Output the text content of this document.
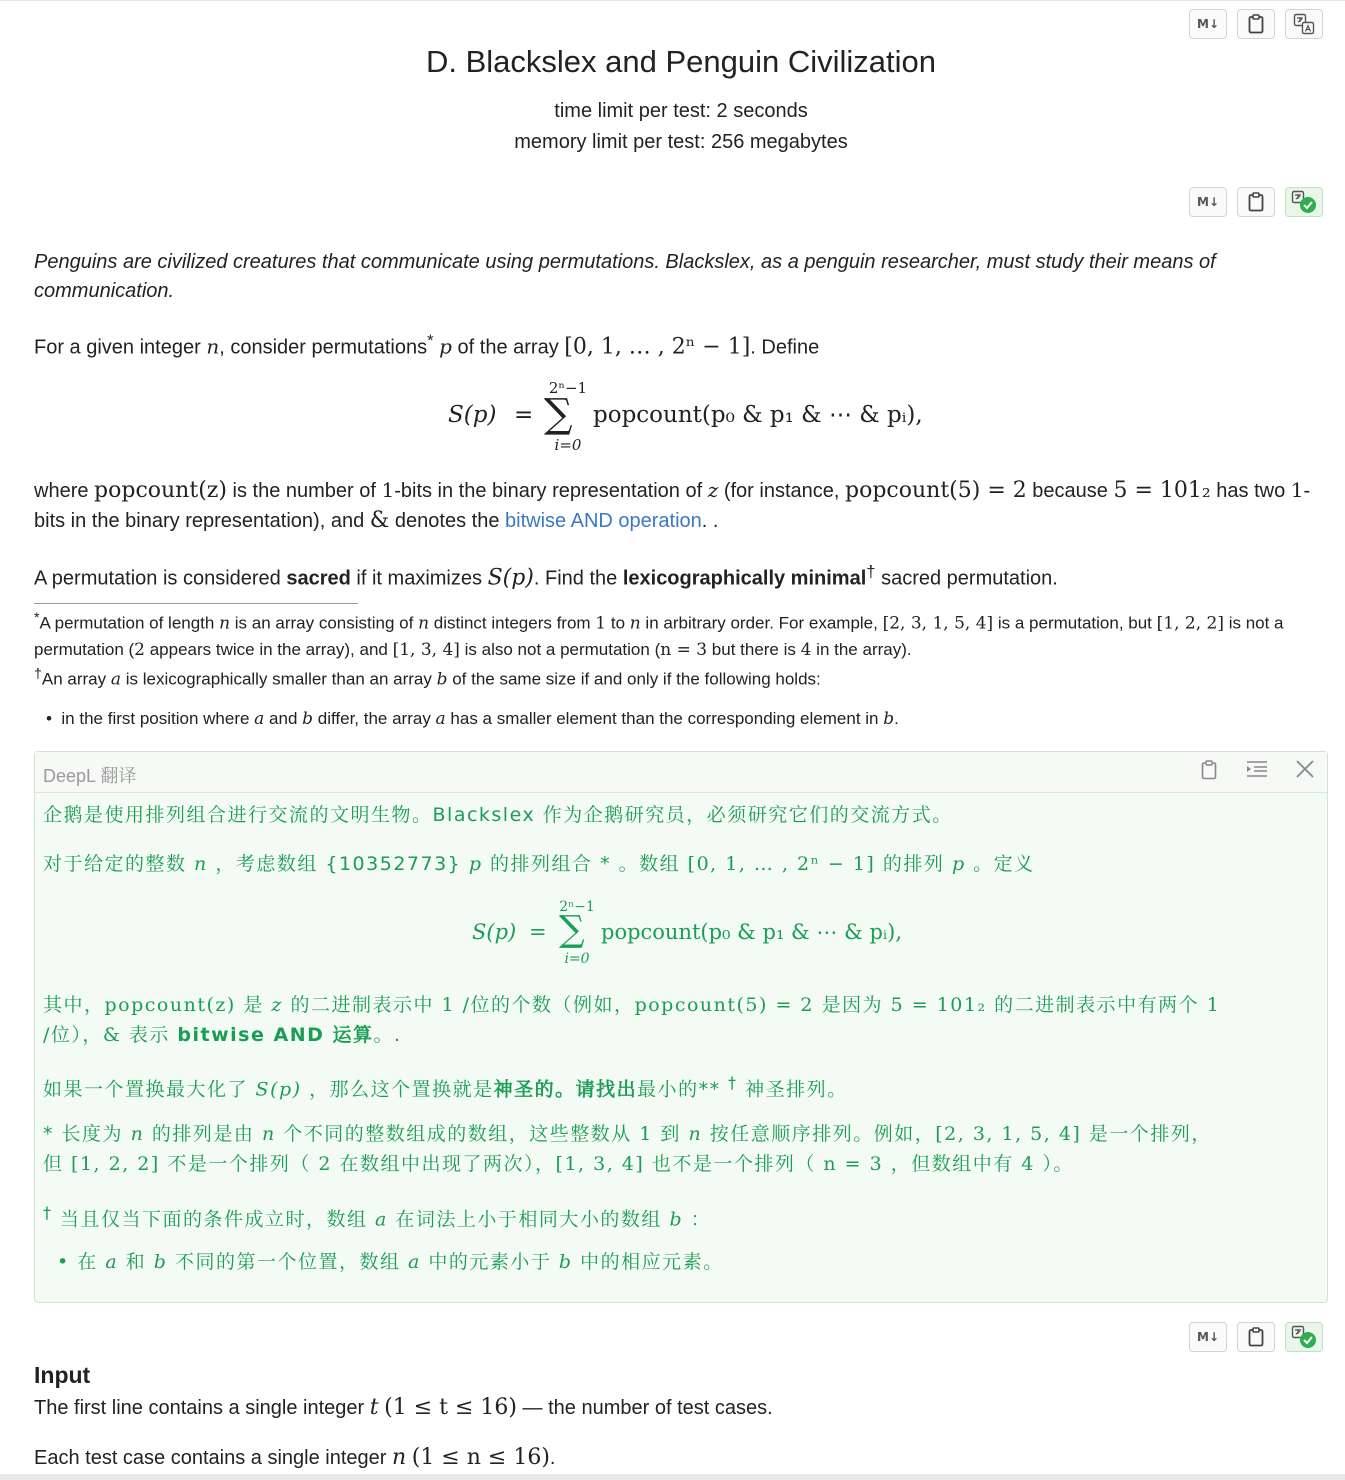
M↓
D. Blackslex and Penguin Civilization
time limit per test: 2 seconds
memory limit per test: 256 megabytes
M↓
Penguins are civilized creatures that communicate using permutations. Blackslex, as a penguin researcher, must study their means of communication.
For a given integer n, consider permutations* p of the array [0, 1, … , 2ⁿ − 1]. Define
S(p) =
2ⁿ−1
∑
i=0
popcount(p₀ & p₁ & ⋯ & pᵢ),
where popcount(z) is the number of 1-bits in the binary representation of z (for instance, popcount(5) = 2 because 5 = 101₂ has two 1-bits in the binary representation), and & denotes the bitwise AND operation. .
A permutation is considered sacred if it maximizes S(p). Find the lexicographically minimal† sacred permutation.
*A permutation of length n is an array consisting of n distinct integers from 1 to n in arbitrary order. For example, [2, 3, 1, 5, 4] is a permutation, but [1, 2, 2] is not a permutation (2 appears twice in the array), and [1, 3, 4] is also not a permutation (n = 3 but there is 4 in the array).
†An array a is lexicographically smaller than an array b of the same size if and only if the following holds:
• in the first position where a and b differ, the array a has a smaller element than the corresponding element in b.
DeepL 翻译
企鹅是使用排列组合进行交流的文明生物。Blackslex 作为企鹅研究员，必须研究它们的交流方式。
对于给定的整数 n ，考虑数组 {10352773} p 的排列组合 * 。数组 [0, 1, … , 2ⁿ − 1] 的排列 p 。定义
S(p) =
2ⁿ−1
∑
i=0
popcount(p₀ & p₁ & ⋯ & pᵢ),
其中，popcount(z) 是 z 的二进制表示中 1 /位的个数（例如，popcount(5) = 2 是因为 5 = 101₂ 的二进制表示中有两个 1
/位），& 表示 bitwise AND 运算。.
如果一个置换最大化了 S(p) ，那么这个置换就是神圣的。请找出最小的** † 神圣排列。
* 长度为 n 的排列是由 n 个不同的整数组成的数组，这些整数从 1 到 n 按任意顺序排列。例如，[2, 3, 1, 5, 4] 是一个排列，
但 [1, 2, 2] 不是一个排列（ 2 在数组中出现了两次），[1, 3, 4] 也不是一个排列（ n = 3 ，但数组中有 4 ）。
† 当且仅当下面的条件成立时，数组 a 在词法上小于相同大小的数组 b ：
• 在 a 和 b 不同的第一个位置，数组 a 中的元素小于 b 中的相应元素。
M↓
Input
The first line contains a single integer t (1 ≤ t ≤ 16) — the number of test cases.
Each test case contains a single integer n (1 ≤ n ≤ 16).
